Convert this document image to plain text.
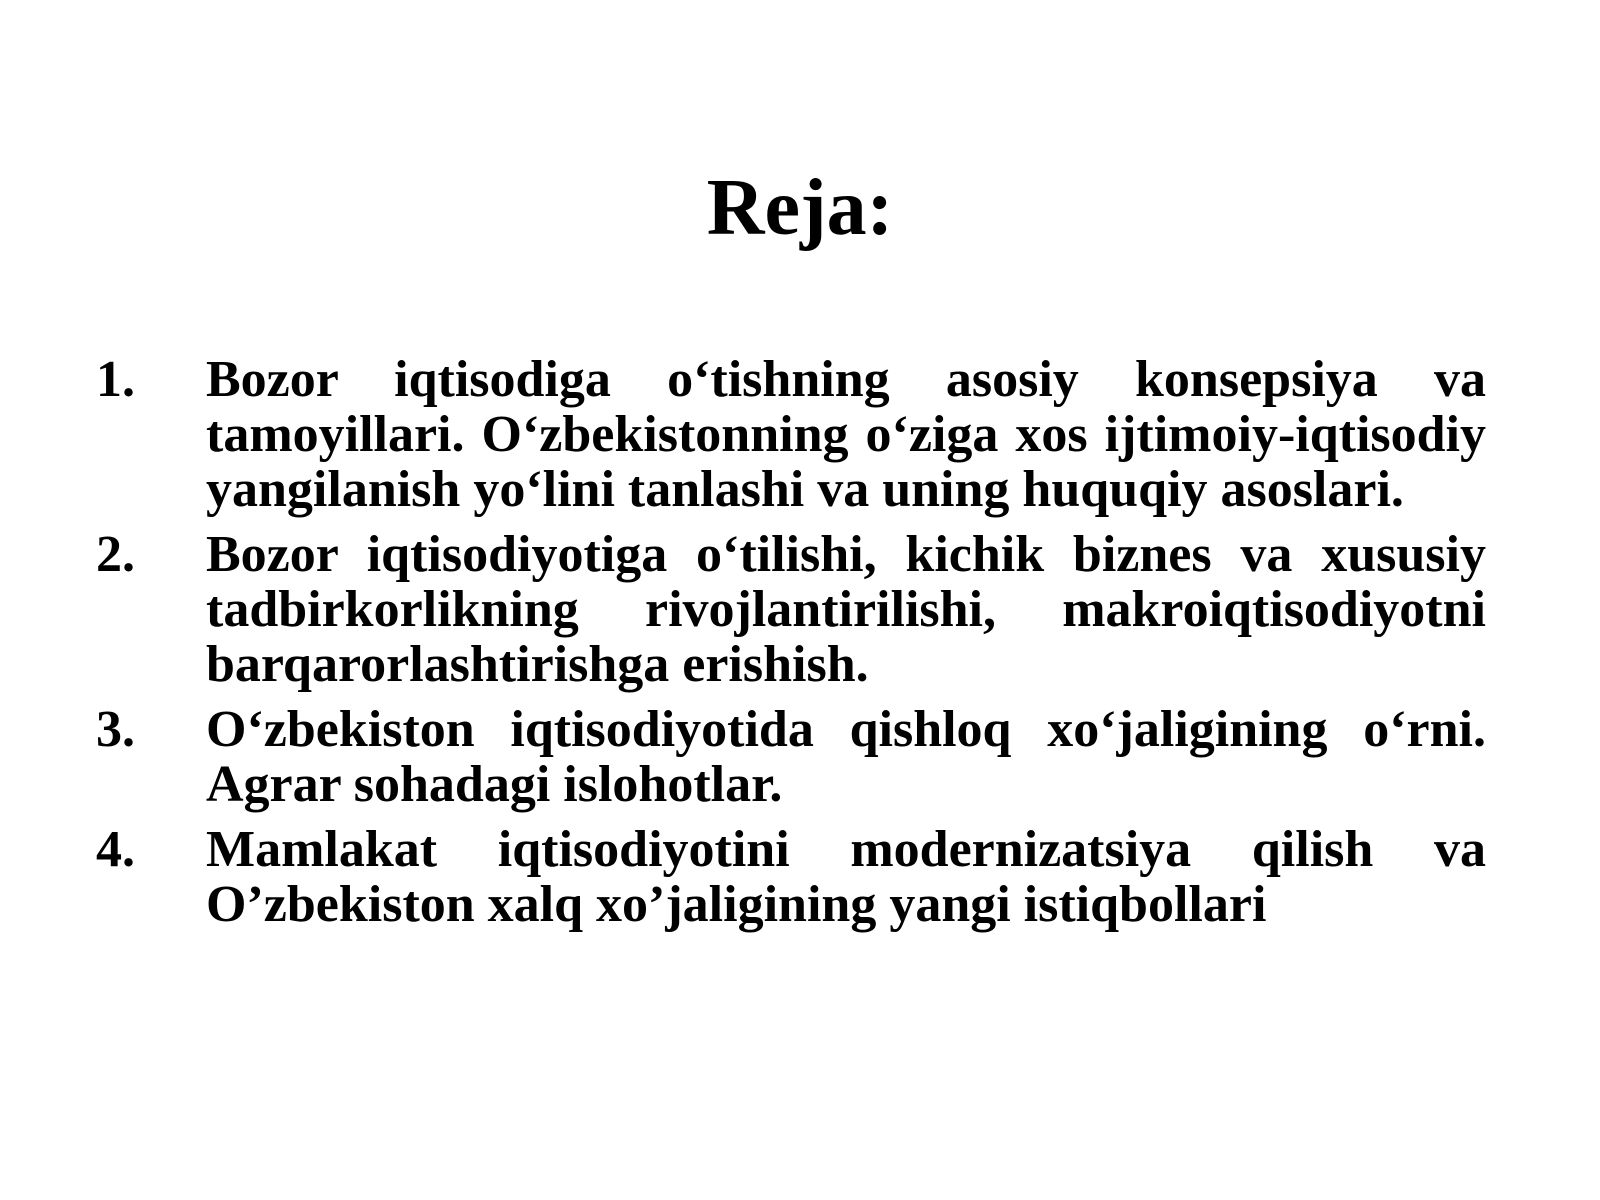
Reja:
1.	Bozor iqtisodiga o‘tishning asosiy konsepsiya va tamoyillari. O‘zbekistonning o‘ziga xos ijtimoiy-iqtisodiy yangilanish yo‘lini tanlashi va uning huquqiy asoslari.
2.	Bozor iqtisodiyotiga o‘tilishi, kichik biznes va xususiy tadbirkorlikning rivojlantirilishi, makroiqtisodiyotni barqarorlashtirishga erishish.
3.	O‘zbekiston iqtisodiyotida qishloq xo‘jaligining o‘rni. Agrar sohadagi islohotlar.
4.	Mamlakat iqtisodiyotini modernizatsiya qilish va O’zbekiston xalq xo’jaligining yangi istiqbollari
